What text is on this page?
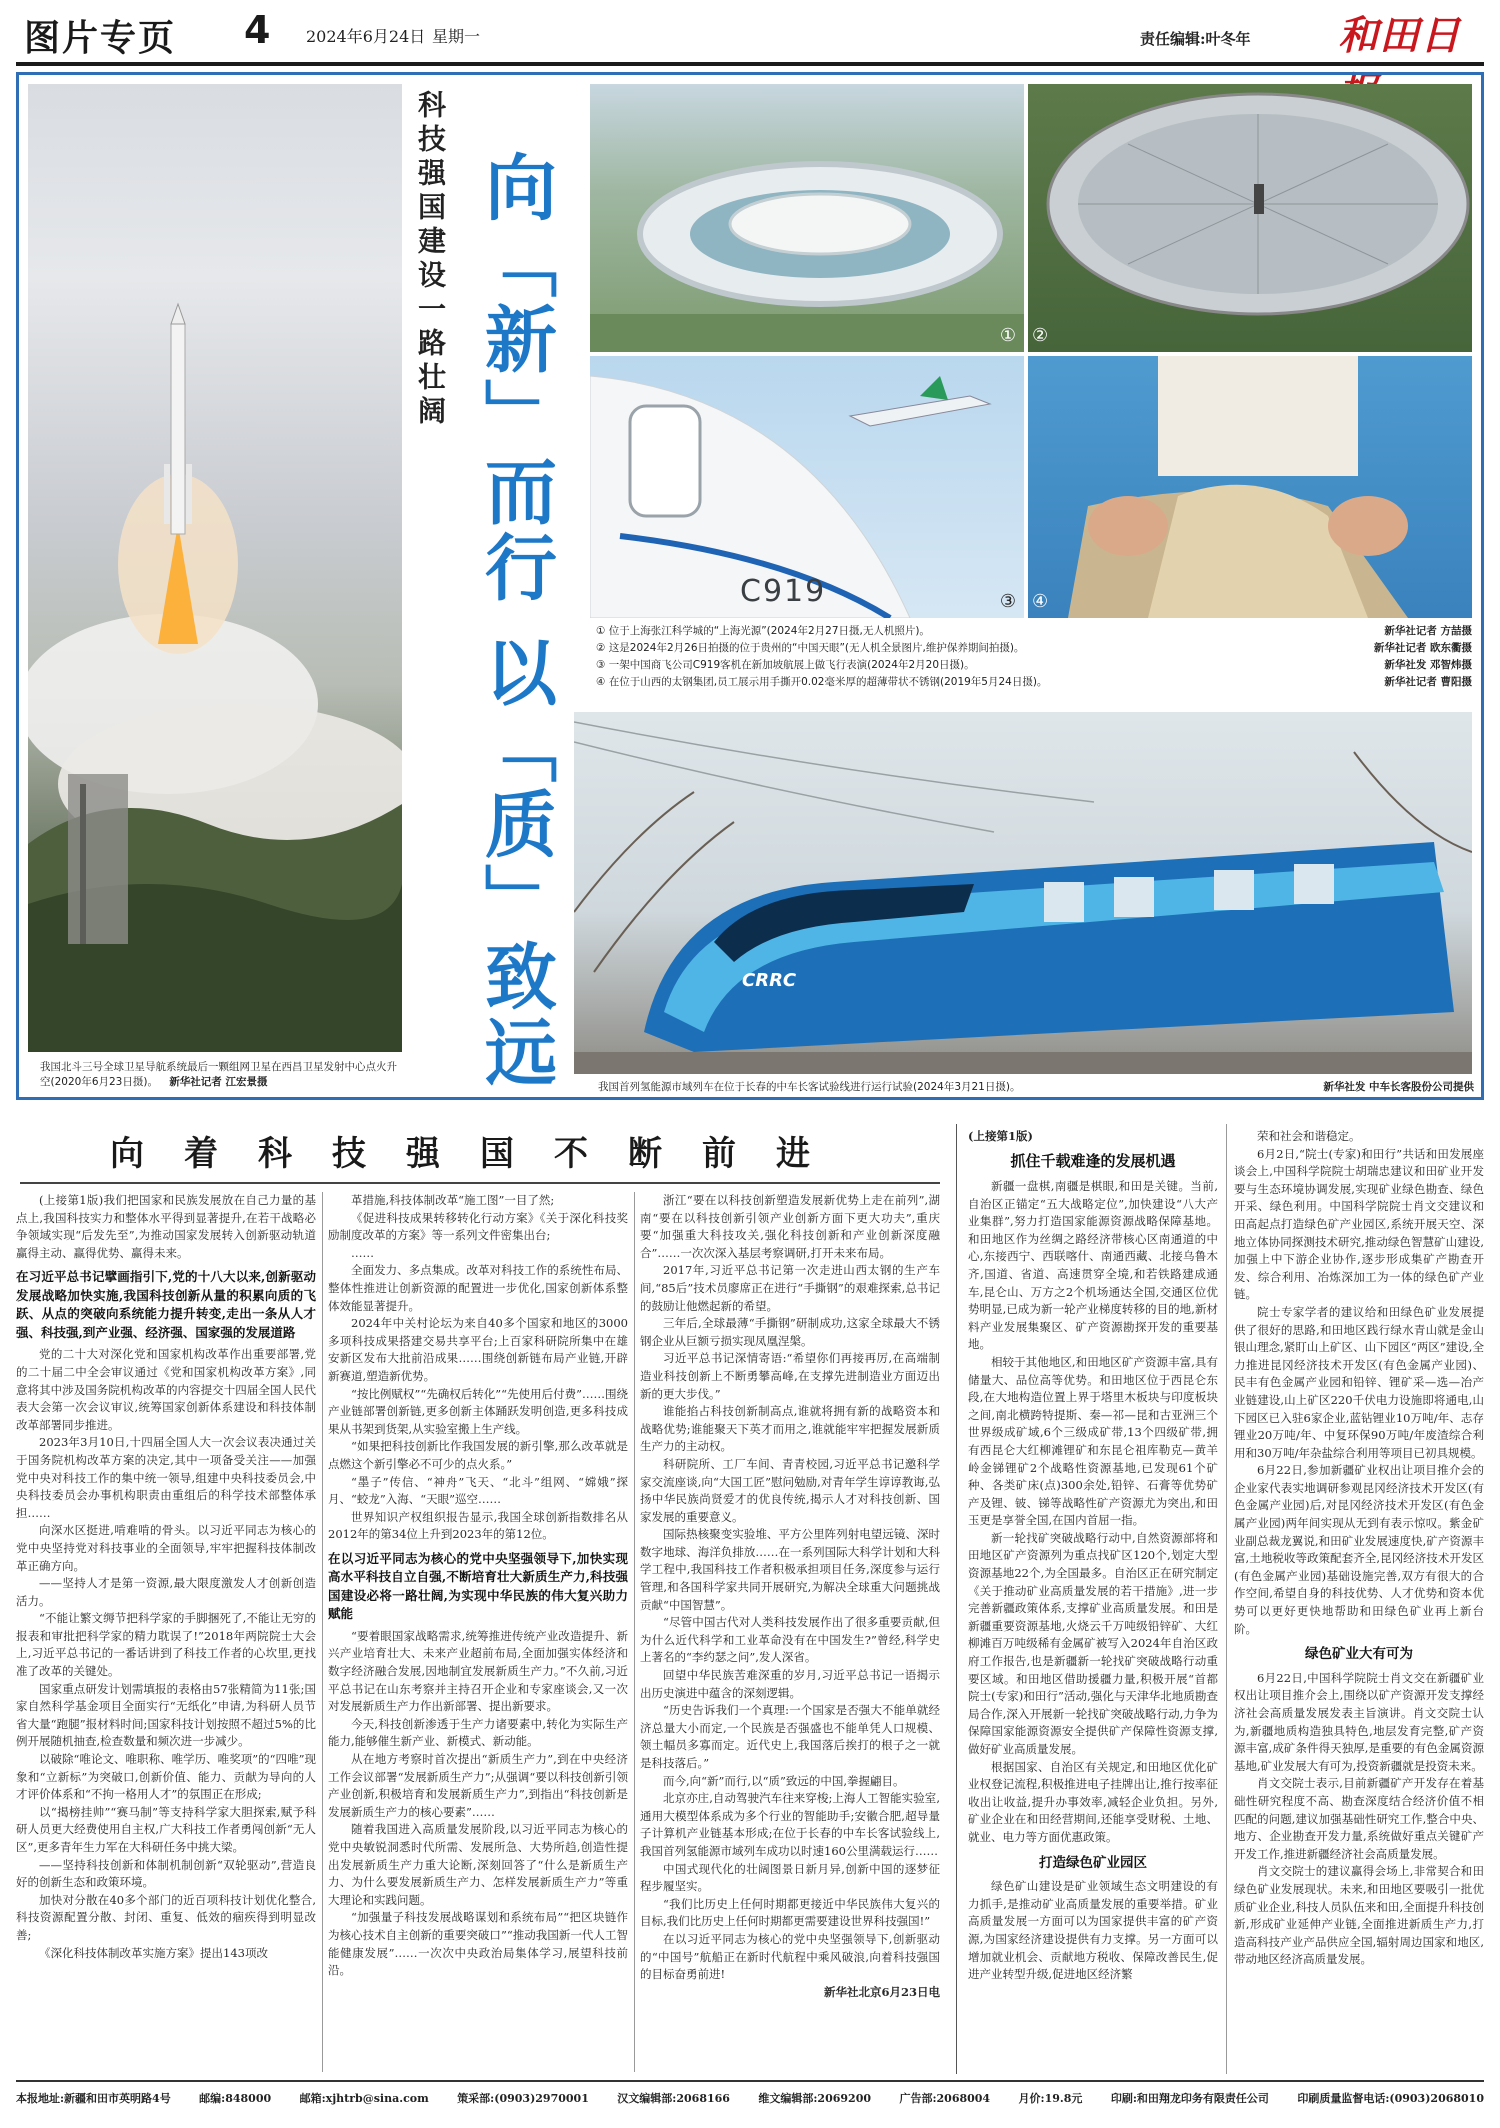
图片专页 4 2024年6月24日 星期一	责任编辑:叶冬年 和田日
我国北斗三号全球卫星导航系统最后一颗组网卫星在西昌卫星发射中心点火升空(2020年6月23日摄)。 新华社记者 江宏景摄
科技强国建设一路壮阔 向「新」而行 以「质」致远	① ②
C919	③ ④
① 位于上海张江科学城的“上海光源”(2024年2月27日摄,无人机照片)。	新华社记者 方喆摄
② 这是2024年2月26日拍摄的位于贵州的“中国天眼”(无人机全景图片,维护保养期间拍摄)。	新华社记者 欧东衢摄
③ 一架中国商飞公司C919客机在新加坡航展上做飞行表演(2024年2月20日摄)。	新华社发 邓智炜摄
④ 在位于山西的太钢集团,员工展示用手撕开0.02毫米厚的超薄带状不锈钢(2019年5月24日摄)。	新华社记者 曹阳摄
CRRC
我国首列氢能源市域列车在位于长春的中车长客试验线进行运行试验(2024年3月21日摄)。	新华社发 中车长客股份公司提供
向着科技强国不断前进

(上接第1版)我们把国家和民族发展放在自己力量的基点上,我国科技实力和整体水平得到显著提升,在若干战略必争领域实现“后发先至”,为推动国家发展转入创新驱动轨道赢得主动、赢得优势、赢得未来。

在习近平总书记擘画指引下,党的十八大以来,创新驱动发展战略加快实施,我国科技创新从量的积累向质的飞跃、从点的突破向系统能力提升转变,走出一条从人才强、科技强,到产业强、经济强、国家强的发展道路

党的二十大对深化党和国家机构改革作出重要部署,党的二十届二中全会审议通过《党和国家机构改革方案》,同意将其中涉及国务院机构改革的内容提交十四届全国人民代表大会第一次会议审议,统筹国家创新体系建设和科技体制改革部署同步推进。

2023年3月10日,十四届全国人大一次会议表决通过关于国务院机构改革方案的决定,其中一项备受关注——加强党中央对科技工作的集中统一领导,组建中央科技委员会,中央科技委员会办事机构职责由重组后的科学技术部整体承担……

向深水区挺进,啃难啃的骨头。以习近平同志为核心的党中央坚持党对科技事业的全面领导,牢牢把握科技体制改革正确方向。

——坚持人才是第一资源,最大限度激发人才创新创造活力。

“不能让繁文缛节把科学家的手脚捆死了,不能让无穷的报表和审批把科学家的精力耽误了!”2018年两院院士大会上,习近平总书记的一番话讲到了科技工作者的心坎里,更找准了改革的关键处。

国家重点研发计划需填报的表格由57张精简为11张;国家自然科学基金项目全面实行“无纸化”申请,为科研人员节省大量“跑腿”报材料时间;国家科技计划按照不超过5%的比例开展随机抽查,检查数量和频次进一步减少。

以破除“唯论文、唯职称、唯学历、唯奖项”的“四唯”现象和“立新标”为突破口,创新价值、能力、贡献为导向的人才评价体系和“不拘一格用人才”的氛围正在形成;

以“揭榜挂帅”“赛马制”等支持科学家大胆探索,赋予科研人员更大经费使用自主权,广大科技工作者勇闯创新“无人区”,更多青年生力军在大科研任务中挑大梁。

——坚持科技创新和体制机制创新“双轮驱动”,营造良好的创新生态和政策环境。

加快对分散在40多个部门的近百项科技计划优化整合,科技资源配置分散、封闭、重复、低效的痼疾得到明显改善;

《深化科技体制改革实施方案》提出143项改

革措施,科技体制改革“施工图”一目了然;

《促进科技成果转移转化行动方案》《关于深化科技奖励制度改革的方案》等一系列文件密集出台;

……

全面发力、多点集成。改革对科技工作的系统性布局、整体性推进让创新资源的配置进一步优化,国家创新体系整体效能显著提升。

2024年中关村论坛为来自40多个国家和地区的3000多项科技成果搭建交易共享平台;上百家科研院所集中在雄安新区发布大批前沿成果……围绕创新链布局产业链,开辟新赛道,塑造新优势。

“按比例赋权”“先确权后转化”“先使用后付费”……围绕产业链部署创新链,更多创新主体踊跃发明创造,更多科技成果从书架到货架,从实验室搬上生产线。

“如果把科技创新比作我国发展的新引擎,那么改革就是点燃这个新引擎必不可少的点火系。”

“墨子”传信、“神舟”飞天、“北斗”组网、“嫦娥”探月、“蛟龙”入海、“天眼”巡空……

世界知识产权组织报告显示,我国全球创新指数排名从2012年的第34位上升到2023年的第12位。

在以习近平同志为核心的党中央坚强领导下,加快实现高水平科技自立自强,不断培育壮大新质生产力,科技强国建设必将一路壮阔,为实现中华民族的伟大复兴助力赋能

“要着眼国家战略需求,统筹推进传统产业改造提升、新兴产业培育壮大、未来产业超前布局,全面加强实体经济和数字经济融合发展,因地制宜发展新质生产力。”不久前,习近平总书记在山东考察并主持召开企业和专家座谈会,又一次对发展新质生产力作出新部署、提出新要求。

今天,科技创新渗透于生产力诸要素中,转化为实际生产能力,能够催生新产业、新模式、新动能。

从在地方考察时首次提出“新质生产力”,到在中央经济工作会议部署“发展新质生产力”;从强调“要以科技创新引领产业创新,积极培育和发展新质生产力”,到指出“科技创新是发展新质生产力的核心要素”……

随着我国进入高质量发展阶段,以习近平同志为核心的党中央敏锐洞悉时代所需、发展所急、大势所趋,创造性提出发展新质生产力重大论断,深刻回答了“什么是新质生产力、为什么要发展新质生产力、怎样发展新质生产力”等重大理论和实践问题。

“加强量子科技发展战略谋划和系统布局”“把区块链作为核心技术自主创新的重要突破口”“推动我国新一代人工智能健康发展”……一次次中央政治局集体学习,展望科技前沿。

浙江“要在以科技创新塑造发展新优势上走在前列”,湖南“要在以科技创新引领产业创新方面下更大功夫”,重庆要“加强重大科技攻关,强化科技创新和产业创新深度融合”……一次次深入基层考察调研,打开未来布局。

2017年,习近平总书记第一次走进山西太钢的生产车间,“85后”技术员廖席正在进行“手撕钢”的艰难探索,总书记的鼓励让他燃起新的希望。

三年后,全球最薄“手撕钢”研制成功,这家全球最大不锈钢企业从巨额亏损实现凤凰涅槃。

习近平总书记深情寄语:“希望你们再接再厉,在高端制造业科技创新上不断勇攀高峰,在支撑先进制造业方面迈出新的更大步伐。”

谁能掐占科技创新制高点,谁就将拥有新的战略资本和战略优势;谁能聚天下英才而用之,谁就能牢牢把握发展新质生产力的主动权。

科研院所、工厂车间、青青校园,习近平总书记邀科学家交流座谈,向“大国工匠”慰问勉励,对青年学生谆谆教诲,弘扬中华民族尚贤爱才的优良传统,揭示人才对科技创新、国家发展的重要意义。

国际热核聚变实验堆、平方公里阵列射电望远镜、深时数字地球、海洋负排放……在一系列国际大科学计划和大科学工程中,我国科技工作者积极承担项目任务,深度参与运行管理,和各国科学家共同开展研究,为解决全球重大问题挑战贡献“中国智慧”。

“尽管中国古代对人类科技发展作出了很多重要贡献,但为什么近代科学和工业革命没有在中国发生?”曾经,科学史上著名的“李约瑟之问”,发人深省。

回望中华民族苦难深重的岁月,习近平总书记一语揭示出历史演进中蕴含的深刻逻辑。

“历史告诉我们一个真理:一个国家是否强大不能单就经济总量大小而定,一个民族是否强盛也不能单凭人口规模、领土幅员多寡而定。近代史上,我国落后挨打的根子之一就是科技落后。”

而今,向“新”而行,以“质”致远的中国,拳握翩目。

北京亦庄,自动驾驶汽车往来穿梭;上海人工智能实验室,通用大模型体系成为多个行业的智能助手;安徽合肥,超导量子计算机产业链基本形成;在位于长春的中车长客试验线上,我国首列氢能源市域列车成功以时速160公里满载运行……

中国式现代化的壮阔图景日新月异,创新中国的逐梦征程步履坚实。

“我们比历史上任何时期都更接近中华民族伟大复兴的目标,我们比历史上任何时期都更需要建设世界科技强国!”

在以习近平同志为核心的党中央坚强领导下,创新驱动的“中国号”航船正在新时代航程中乘风破浪,向着科技强国的目标奋勇前进!

新华社北京6月23日电

(上接第1版)
抓住千载难逢的发展机遇

新疆一盘棋,南疆是棋眼,和田是关键。当前,自治区正锚定“五大战略定位”,加快建设“八大产业集群”,努力打造国家能源资源战略保障基地。和田地区作为丝绸之路经济带核心区南通道的中心,东接西宁、西联喀什、南通西藏、北接乌鲁木齐,国道、省道、高速贯穿全境,和若铁路建成通车,昆仑山、万方之2个机场通达全国,交通区位优势明显,已成为新一轮产业梯度转移的目的地,新材料产业发展集聚区、矿产资源勘探开发的重要基地。

相较于其他地区,和田地区矿产资源丰富,具有储量大、品位高等优势。和田地区位于西昆仑东段,在大地构造位置上界于塔里木板块与印度板块之间,南北横跨特提斯、秦—祁—昆和古亚洲三个世界级成矿域,6个三级成矿带,13个四级矿带,拥有西昆仑大红柳滩锂矿和东昆仑祖库勒克—黄羊岭金锑锂矿2个战略性资源基地,已发现61个矿种、各类矿床(点)300余处,铅锌、石膏等优势矿产及锂、铍、锑等战略性矿产资源尤为突出,和田玉更是享誉全国,在国内首屈一指。

新一轮找矿突破战略行动中,自然资源部将和田地区矿产资源列为重点找矿区120个,划定大型资源基地22个,为全国最多。自治区正在研究制定《关于推动矿业高质量发展的若干措施》,进一步完善新疆政策体系,支撑矿业高质量发展。和田是新疆重要资源基地,火烧云千万吨级铅锌矿、大红柳滩百万吨级稀有金属矿被写入2024年自治区政府工作报告,也是新疆新一轮找矿突破战略行动重要区域。和田地区借助援疆力量,积极开展“首都院士(专家)和田行”活动,强化与天津华北地质勘查局合作,深入开展新一轮找矿突破战略行动,力争为保障国家能源资源安全提供矿产保障性资源支撑,做好矿业高质量发展。

根据国家、自治区有关规定,和田地区优化矿业权登记流程,积极推进电子挂牌出让,推行按率征收出让收益,提升办事效率,减轻企业负担。另外,矿业企业在和田经营期间,还能享受财税、土地、就业、电力等方面优惠政策。

打造绿色矿业园区

绿色矿山建设是矿业领域生态文明建设的有力抓手,是推动矿业高质量发展的重要举措。矿业高质量发展一方面可以为国家提供丰富的矿产资源,为国家经济建设提供有力支撑。另一方面可以增加就业机会、贡献地方税收、保障改善民生,促进产业转型升级,促进地区经济繁

荣和社会和谐稳定。

6月2日,“院士(专家)和田行”共话和田发展座谈会上,中国科学院院士胡瑞忠建议和田矿业开发要与生态环境协调发展,实现矿业绿色勘查、绿色开采、绿色利用。中国科学院院士肖文交建议和田高起点打造绿色矿产业园区,系统开展天空、深地立体协同探测技术研究,推动绿色智慧矿山建设,加强上中下游企业协作,逐步形成集矿产勘查开发、综合利用、冶炼深加工为一体的绿色矿产业链。

院士专家学者的建议给和田绿色矿业发展提供了很好的思路,和田地区践行绿水青山就是金山银山理念,紧盯山上矿区、山下园区“两区”建设,全力推进昆冈经济技术开发区(有色金属产业园)、民丰有色金属产业园和铅锌、锂矿采—选—冶产业链建设,山上矿区220千伏电力设施即将通电,山下园区已入驻6家企业,蓝钻锂业10万吨/年、志存锂业20万吨/年、中复环保90万吨/年废渣综合利用和30万吨/年杂盐综合利用等项目已初具规模。

6月22日,参加新疆矿业权出让项目推介会的企业家代表实地调研参观昆冈经济技术开发区(有色金属产业园)后,对昆冈经济技术开发区(有色金属产业园)两年间实现从无到有表示惊叹。紫金矿业副总裁龙翼说,和田矿业发展速度快,矿产资源丰富,土地税收等政策配套齐全,昆冈经济技术开发区(有色金属产业园)基础设施完善,双方有很大的合作空间,希望自身的科技优势、人才优势和资本优势可以更好更快地帮助和田绿色矿业再上新台阶。

绿色矿业大有可为

6月22日,中国科学院院士肖文交在新疆矿业权出让项目推介会上,围绕以矿产资源开发支撑经济社会高质量发展发表主旨演讲。肖文交院士认为,新疆地质构造独具特色,地层发育完整,矿产资源丰富,成矿条件得天独厚,是重要的有色金属资源基地,矿业发展大有可为,投资新疆就是投资未来。

肖文交院士表示,目前新疆矿产开发存在着基础性研究程度不高、勘查深度结合经济价值不相匹配的问题,建议加强基础性研究工作,整合中央、地方、企业勘查开发力量,系统做好重点关键矿产开发工作,推进新疆经济社会高质量发展。

肖文交院士的建议赢得会场上,非常契合和田绿色矿业发展现状。未来,和田地区要吸引一批优质矿业企业,科技人员队伍来和田,全面提升科技创新,形成矿业延伸产业链,全面推进新质生产力,打造高科技产业产品供应全国,辐射周边国家和地区,带动地区经济高质量发展。

本报地址:新疆和田市英明路4号	邮编:848000	邮箱:xjhtrb@sina.com	策采部:(0903)2970001	汉文编辑部:2068166	维文编辑部:2069200	广告部:2068004	月价:19.8元	印刷:和田翔龙印务有限责任公司	印刷质量监督电话:(0903)2068010
